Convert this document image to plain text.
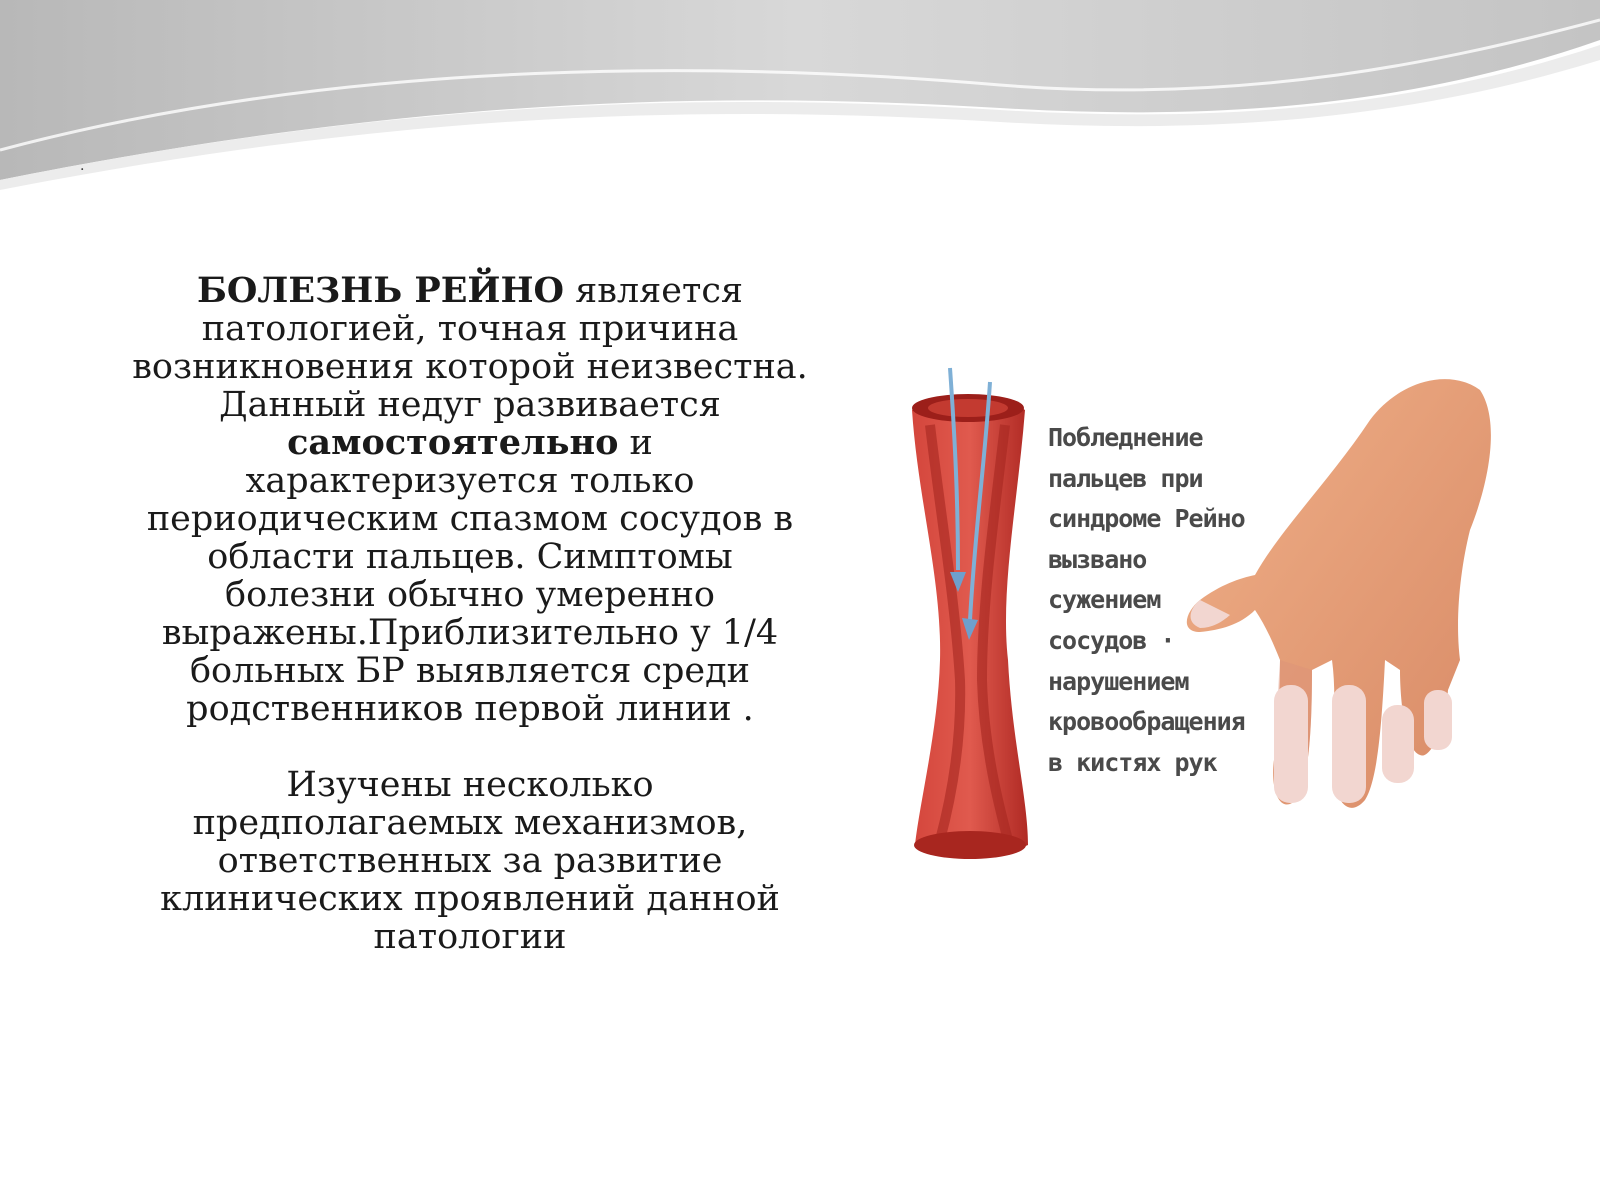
.
БОЛЕЗНЬ РЕЙНО является патологией, точная причина возникновения которой неизвестна. Данный недуг развивается самостоятельно и характеризуется только периодическим спазмом сосудов в области пальцев. Симптомы болезни обычно умеренно выражены.Приблизительно у 1/4 больных БР выявляется среди родственников первой линии .
Изучены несколько предполагаемых механизмов, ответственных за развитие клинических проявлений данной патологии
Побледнение
пальцев при
синдроме Рейно
вызвано
сужением
сосудов ·
нарушением
кровообращения
в кистях рук
